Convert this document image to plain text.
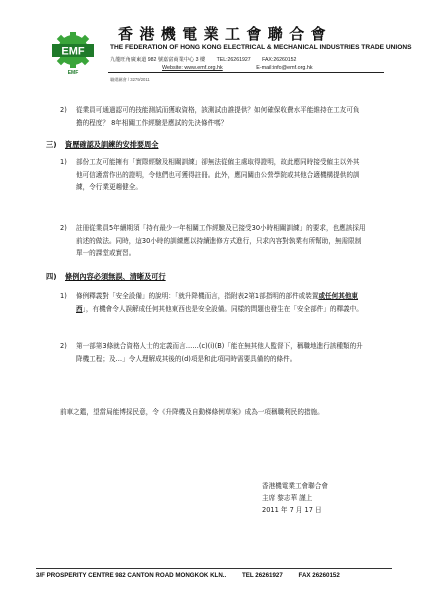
EMF
EMF
香港機電業工會聯合會
THE FEDERATION OF HONG KONG ELECTRICAL & MECHANICAL INDUSTRIES TRADE UNIONS
九龍旺角廣東道 982 號嘉富商業中心 3 樓 TEL:26261927 FAX:26260152
Website: www.emf.org.hk	E-mail:info@emf.org.hk
職總屬會 / 3279/2011
2)	從業員可通過認可的技能測試而獲取資格，該測試由誰提供？如何確保收費水平能維持在工友可負擔的程度？ 8年相關工作經驗是應試的先決條件嗎？
三) 資歷確認及訓練的安排要周全
1)	部份工友可能擁有「實際經驗及相關訓練」卻無法從僱主處取得證明，故此應同時接受僱主以外其他可信適當作出的證明，令他們也可獲得註冊。此外，應同關由公營學院或其他合適機構提供的訓練，令行業更趨健全。
2)	註冊從業員5年續期須「持有最少一年相關工作經驗及已接受30小時相關訓練」的要求，也應該採用前述的做法。同時，這30小時的訓練應以持續進修方式進行，只求內容對執業有所幫助，無需限制單一的課堂或實習。
四) 條例內容必須無誤、清晰及可行
1)	條例釋義對「安全設備」的說明：「就升降機而言，指附表2第1部指明的部件或裝置或任何其他東西」，有機會令人誤解成任何其他東西也是安全設備。同樣的問題也發生在「安全部件」的釋義中。
2)	第一部第3條就合資格人士的定義而言……(c)(i)(B)「能在無其他人監督下，稱職地進行該種類的升降機工程；及…」令人理解成其後的(d)項是和此項同時需要具備的的條件。
前車之鑑，望當局能博採民意，令《升降機及自動梯條例草案》成為一項稱職利民的措施。
香港機電業工會聯合會
主席 黎志華 謹上
2011 年 7 月 17 日
3/F PROSPERITY CENTRE 982 CANTON ROAD MONGKOK KLN..	TEL 26261927	FAX 26260152
